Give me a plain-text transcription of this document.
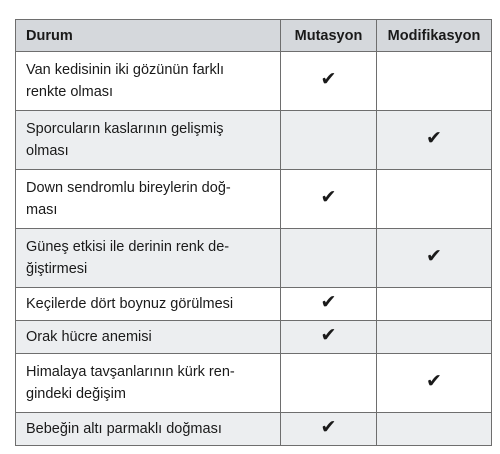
Durum	Mutasyon	Modifikasyon
Van kedisinin iki gözünün farklı
renkte olması	✔	
Sporcuların kaslarının gelişmiş
olması		✔
Down sendromlu bireylerin doğ-
ması	✔	
Güneş etkisi ile derinin renk de-
ğiştirmesi		✔
Keçilerde dört boynuz görülmesi	✔	
Orak hücre anemisi	✔	
Himalaya tavşanlarının kürk ren-
gindeki değişim		✔
Bebeğin altı parmaklı doğması	✔	
